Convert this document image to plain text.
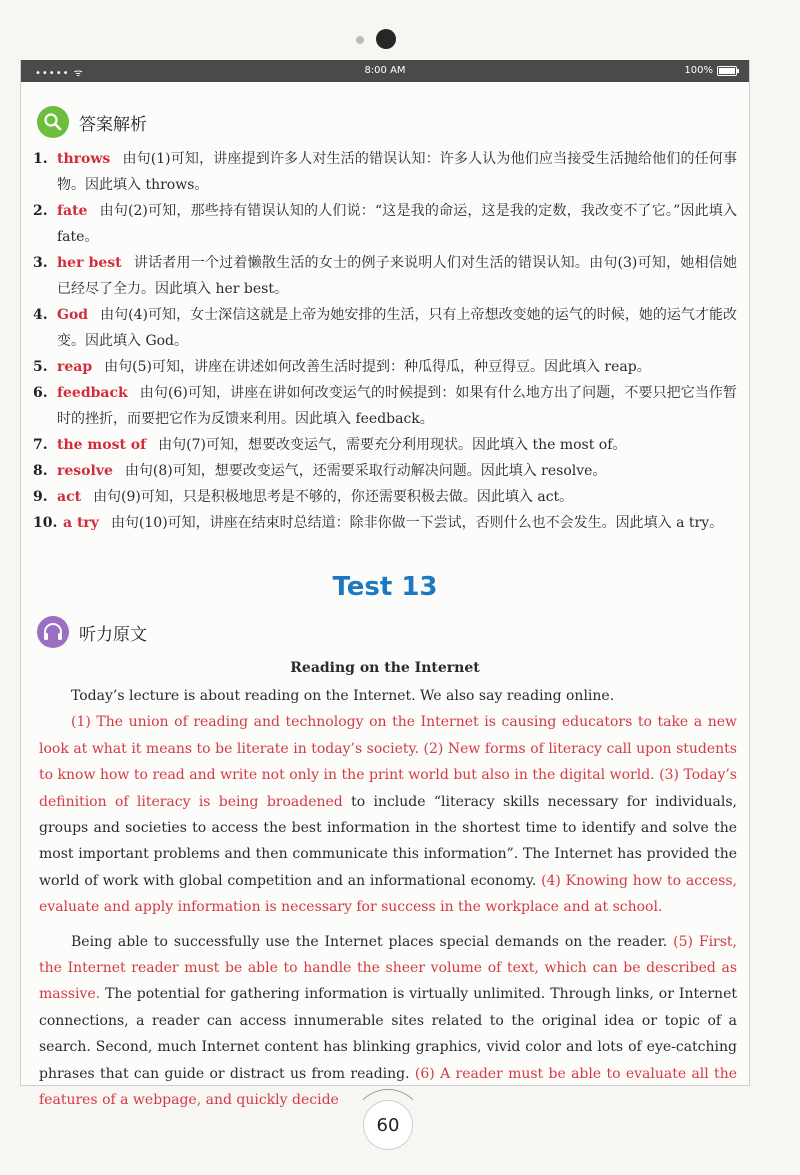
••••• ᯤ	8:00 AM	100%
答案解析
1. throws 由句(1)可知，讲座提到许多人对生活的错误认知：许多人认为他们应当接受生活抛给他们的任何事物。因此填入 throws。
2. fate 由句(2)可知，那些持有错误认知的人们说：“这是我的命运，这是我的定数，我改变不了它。”因此填入 fate。
3. her best 讲话者用一个过着懒散生活的女士的例子来说明人们对生活的错误认知。由句(3)可知，她相信她已经尽了全力。因此填入 her best。
4. God 由句(4)可知，女士深信这就是上帝为她安排的生活，只有上帝想改变她的运气的时候，她的运气才能改变。因此填入 God。
5. reap 由句(5)可知，讲座在讲述如何改善生活时提到：种瓜得瓜，种豆得豆。因此填入 reap。
6. feedback 由句(6)可知，讲座在讲如何改变运气的时候提到：如果有什么地方出了问题，不要只把它当作暂时的挫折，而要把它作为反馈来利用。因此填入 feedback。
7. the most of 由句(7)可知，想要改变运气，需要充分利用现状。因此填入 the most of。
8. resolve 由句(8)可知，想要改变运气，还需要采取行动解决问题。因此填入 resolve。
9. act 由句(9)可知，只是积极地思考是不够的，你还需要积极去做。因此填入 act。
10. a try 由句(10)可知，讲座在结束时总结道：除非你做一下尝试，否则什么也不会发生。因此填入 a try。
Test 13
听力原文
Reading on the Internet

Today’s lecture is about reading on the Internet. We also say reading online.

(1) The union of reading and technology on the Internet is causing educators to take a new look at what it means to be literate in today’s society. (2) New forms of literacy call upon students to know how to read and write not only in the print world but also in the digital world. (3) Today’s definition of literacy is being broadened to include “literacy skills necessary for individuals, groups and societies to access the best information in the shortest time to identify and solve the most important problems and then communicate this information”. The Internet has provided the world of work with global competition and an informational economy. (4) Knowing how to access, evaluate and apply information is necessary for success in the workplace and at school.

Being able to successfully use the Internet places special demands on the reader. (5) First, the Internet reader must be able to handle the sheer volume of text, which can be described as massive. The potential for gathering information is virtually unlimited. Through links, or Internet connections, a reader can access innumerable sites related to the original idea or topic of a search. Second, much Internet content has blinking graphics, vivid color and lots of eye-catching phrases that can guide or distract us from reading. (6) A reader must be able to evaluate all the features of a webpage, and quickly decide

60
